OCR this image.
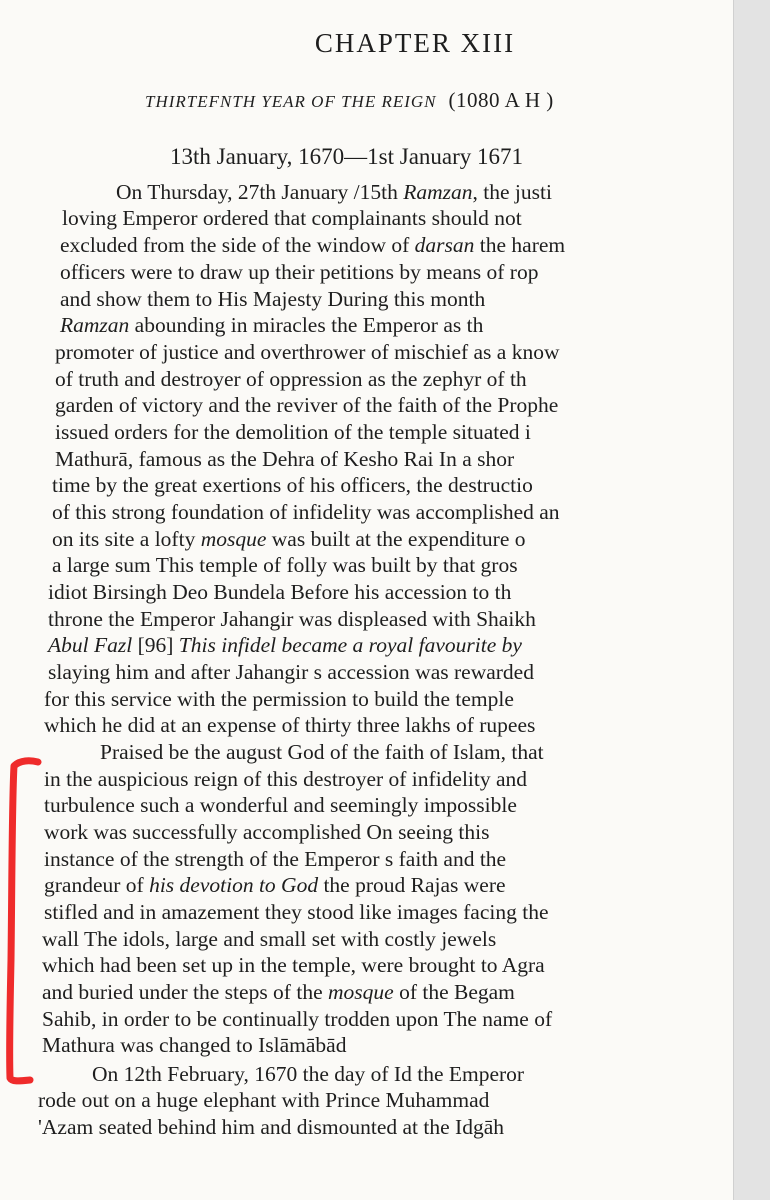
CHAPTER XIII
THIRTEFNTH YEAR OF THE REIGN (1080 A H )
13th January, 1670—1st January 1671
On Thursday, 27th January /15th Ramzan, the justi
loving Emperor ordered that complainants should not
excluded from the side of the window of darsan the harem
officers were to draw up their petitions by means of rop
and show them to His Majesty During this month
Ramzan abounding in miracles the Emperor as th
promoter of justice and overthrower of mischief as a know
of truth and destroyer of oppression as the zephyr of th
garden of victory and the reviver of the faith of the Prophe
issued orders for the demolition of the temple situated i
Mathurā, famous as the Dehra of Kesho Rai In a shor
time by the great exertions of his officers, the destructio
of this strong foundation of infidelity was accomplished an
on its site a lofty mosque was built at the expenditure o
a large sum This temple of folly was built by that gros
idiot Birsingh Deo Bundela Before his accession to th
throne the Emperor Jahangir was displeased with Shaikh
Abul Fazl [96] This infidel became a royal favourite by
slaying him and after Jahangir s accession was rewarded
for this service with the permission to build the temple
which he did at an expense of thirty three lakhs of rupees
Praised be the august God of the faith of Islam, that
in the auspicious reign of this destroyer of infidelity and
turbulence such a wonderful and seemingly impossible
work was successfully accomplished On seeing this
instance of the strength of the Emperor s faith and the
grandeur of his devotion to God the proud Rajas were
stifled and in amazement they stood like images facing the
wall The idols, large and small set with costly jewels
which had been set up in the temple, were brought to Agra
and buried under the steps of the mosque of the Begam
Sahib, in order to be continually trodden upon The name of
Mathura was changed to Islāmābād
On 12th February, 1670 the day of Id the Emperor
rode out on a huge elephant with Prince Muhammad
'Azam seated behind him and dismounted at the Idgāh
